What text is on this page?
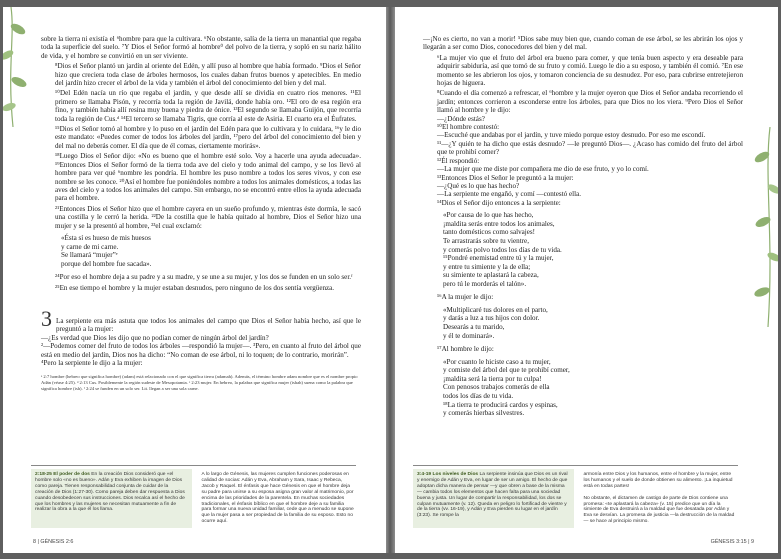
sobre la tierra ni existía el ⁶hombre para que la cultivara. ⁶No obstante, salía de la tierra un manantial que regaba toda la superficie del suelo. ⁷Y Dios el Señor formó al hombre⁰ del polvo de la tierra, y sopló en su nariz hálito de vida, y el hombre se convirtió en un ser viviente.

⁸Dios el Señor plantó un jardín al oriente del Edén, y allí puso al hombre que había formado. ⁹Dios el Señor hizo que creciera toda clase de árboles hermosos, los cuales daban frutos buenos y apetecibles. En medio del jardín hizo crecer el árbol de la vida y también el árbol del conocimiento del bien y del mal.

¹⁰Del Edén nacía un río que regaba el jardín, y que desde allí se dividía en cuatro ríos menores. ¹¹El primero se llamaba Pisón, y recorría toda la región de Javilá, donde había oro. ¹²El oro de esa región era fino, y también había allí resina muy buena y piedra de ónice. ¹³El segundo se llamaba Guijón, que recorría toda la región de Cus.ᵈ ¹⁴El tercero se llamaba Tigris, que corría al este de Asiria. El cuarto era el Éufrates.

¹⁵Dios el Señor tomó al hombre y lo puso en el jardín del Edén para que lo cultivara y lo cuidara, ¹⁶y le dio este mandato: «Puedes comer de todos los árboles del jardín, ¹⁷pero del árbol del conocimiento del bien y del mal no deberás comer. El día que de él comas, ciertamente morirás».

¹⁸Luego Dios el Señor dijo: «No es bueno que el hombre esté solo. Voy a hacerle una ayuda adecuada». ¹⁹Entonces Dios el Señor formó de la tierra toda ave del cielo y todo animal del campo, y se los llevó al hombre para ver qué ⁶nombre les pondría. El hombre les puso nombre a todos los seres vivos, y con ese nombre se les conoce. ²⁰Así el hombre fue poniéndoles nombre a todos los animales domésticos, a todas las aves del cielo y a todos los animales del campo. Sin embargo, no se encontró entre ellos la ayuda adecuada para el hombre.

²¹Entonces Dios el Señor hizo que el hombre cayera en un sueño profundo y, mientras éste dormía, le sacó una costilla y le cerró la herida. ²²De la costilla que le había quitado al hombre, Dios el Señor hizo una mujer y se la presentó al hombre, ²³el cual exclamó:

«Ésta sí es hueso de mis huesos
y carne de mi carne.
Se llamará “mujer”ᵉ
porque del hombre fue sacada».

²⁴Por eso el hombre deja a su padre y a su madre, y se une a su mujer, y los dos se funden en un solo ser.ᶠ

²⁵En ese tiempo el hombre y la mujer estaban desnudos, pero ninguno de los dos sentía vergüenza.

3 La serpiente era más astuta que todos los animales del campo que Dios el Señor había hecho, así que le preguntó a la mujer:
—¿Es verdad que Dios les dijo que no podían comer de ningún árbol del jardín?
²—Podemos comer del fruto de todos los árboles —respondió la mujer—. ³Pero, en cuanto al fruto del árbol que está en medio del jardín, Dios nos ha dicho: “No coman de ese árbol, ni lo toquen; de lo contrario, morirán”.
⁴Pero la serpiente le dijo a la mujer:

ᵃ 2:7 hombre (hebreo que significa hombre) (adam) está relacionado con el que significa tierra (adamah). Además, el término hombre adam nombre que es el nombre propio Adán (véase 4:25). ᵈ 2:13 Cus. Posiblemente la región sudeste de Mesopotamia. ᵉ 2:23 mujer. En hebreo, la palabra que significa mujer (ishah) suena como la palabra que significa hombre (ish). ᶠ 2:24 se funden en un solo ser. Lit. llegan a ser una sola carne.
2:18-25 El poder de dos En la creación Dios consideró que «el hombre solo «no es bueno». Adán y Eva exhiben la imagen de Dios como pareja. Tienen responsabilidad conjunta de cuidar de la creación de Dios (1:27-30). Como pareja deben dar respuesta a Dios cuando desobedecen sus instrucciones. Dios recalca así el hecho de que los hombres y las mujeres se necesitan mutuamente a fin de realizar la obra a la que él los llama.
A lo largo de Génesis, las mujeres cumplen funciones poderosas en calidad de socias: Adán y Eva, Abraham y Sara, Isaac y Rebeca, Jacob y Raquel. El énfasis que hace Génesis en que el hombre deja su padre para unirse a su esposa asigna gran valor al matrimonio, por encima de las prioridades de la parentela. En muchas sociedades tradicionales, el énfasis bíblico en que el hombre deje a su familia para formar una nueva unidad familiar, cede que a menudo se supone que la mujer pasa a ser propiedad de la familia de su esposo. Esto no ocurre aquí.
8 | GÉNESIS 2:6

—¡No es cierto, no van a morir! ⁵Dios sabe muy bien que, cuando coman de ese árbol, se les abrirán los ojos y llegarán a ser como Dios, conocedores del bien y del mal.

⁶La mujer vio que el fruto del árbol era bueno para comer, y que tenía buen aspecto y era deseable para adquirir sabiduría, así que tomó de su fruto y comió. Luego le dio a su esposo, y también él comió. ⁷En ese momento se les abrieron los ojos, y tomaron conciencia de su desnudez. Por eso, para cubrirse entretejieron hojas de higuera.

⁸Cuando el día comenzó a refrescar, el ⁶hombre y la mujer oyeron que Dios el Señor andaba recorriendo el jardín; entonces corrieron a esconderse entre los árboles, para que Dios no los viera. ⁹Pero Dios el Señor llamó al hombre y le dijo:
—¿Dónde estás?
¹⁰El hombre contestó:
—Escuché que andabas por el jardín, y tuve miedo porque estoy desnudo. Por eso me escondí.
¹¹—¿Y quién te ha dicho que estás desnudo? —le preguntó Dios—. ¿Acaso has comido del fruto del árbol que te prohibí comer?
¹²Él respondió:
—La mujer que me diste por compañera me dio de ese fruto, y yo lo comí.
¹³Entonces Dios el Señor le preguntó a la mujer:
—¿Qué es lo que has hecho?
—La serpiente me engañó, y comí —contestó ella.
¹⁴Dios el Señor dijo entonces a la serpiente:

«Por causa de lo que has hecho,
¡maldita serás entre todos los animales,
tanto domésticos como salvajes!
Te arrastrarás sobre tu vientre,
y comerás polvo todos los días de tu vida.
¹⁵Pondré enemistad entre tú y la mujer,
y entre tu simiente y la de ella;
su simiente te aplastará la cabeza,
pero tú le morderás el talón».

¹⁶A la mujer le dijo:

«Multiplicaré tus dolores en el parto,
y darás a luz a tus hijos con dolor.
Desearás a tu marido,
y él te dominará».

¹⁷Al hombre le dijo:

«Por cuanto le hiciste caso a tu mujer,
y comiste del árbol del que te prohibí comer,
¡maldita será la tierra por tu culpa!
Con penosos trabajos comerás de ella
todos los días de tu vida.
¹⁸La tierra te producirá cardos y espinas,
y comerás hierbas silvestres.
3:4-19 Los niveles de Dios La serpiente insinúa que Dios es un rival y enemigo de Adán y Eva, en lugar de ser un amigo. El hecho de que adoptan dicha manera de pensar —y que obren a base de la misma— cambia todos los elementos que hacen falta para una sociedad buena y justa. Un lugar de compartir la responsabilidad, los dos se culpan mutuamente (v. 12). Queda en peligro lo fortificad de vientre y de la tierra (vv. 16-19), y Adán y Eva pierden su lugar en el jardín (3:23). Se rompe la
armonía entre Dios y los humanos, entre el hombre y la mujer, entre los humanos y el suelo de donde obtienen su alimento. ¡La inquietud está en todas partes!

No obstante, el dictamen de castigo de parte de Dios contiene una promesa: «te aplastará la cabeza» (v. 15) predice que un día la simiente de Eva destruirá a la maldad que fue desatada por Adán y Eva se desvían. La promesa de justicia —la destrucción de la maldad— se hace al principio mismo.
GÉNESIS 3:15 | 9
